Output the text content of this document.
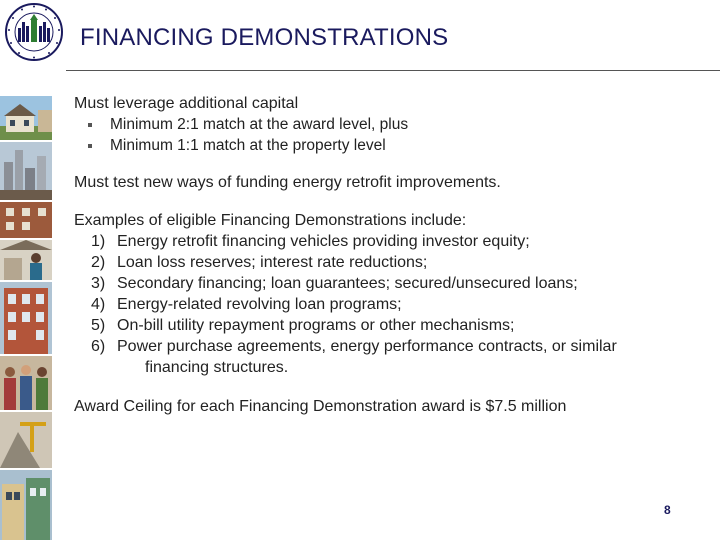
FINANCING DEMONSTRATIONS

Must leverage additional capital

Minimum 2:1 match at the award level, plus
Minimum 1:1 match at the property level

Must test new ways of funding energy retrofit improvements.

Examples of eligible Financing Demonstrations include:

1) Energy retrofit financing vehicles providing investor equity;
2) Loan loss reserves; interest rate reductions;
3) Secondary financing; loan guarantees; secured/unsecured loans;
4) Energy-related revolving loan programs;
5) On-bill utility repayment programs or other mechanisms;
6) Power purchase agreements, energy performance contracts, or similar
financing structures.

Award Ceiling for each Financing Demonstration award is $7.5 million

8
